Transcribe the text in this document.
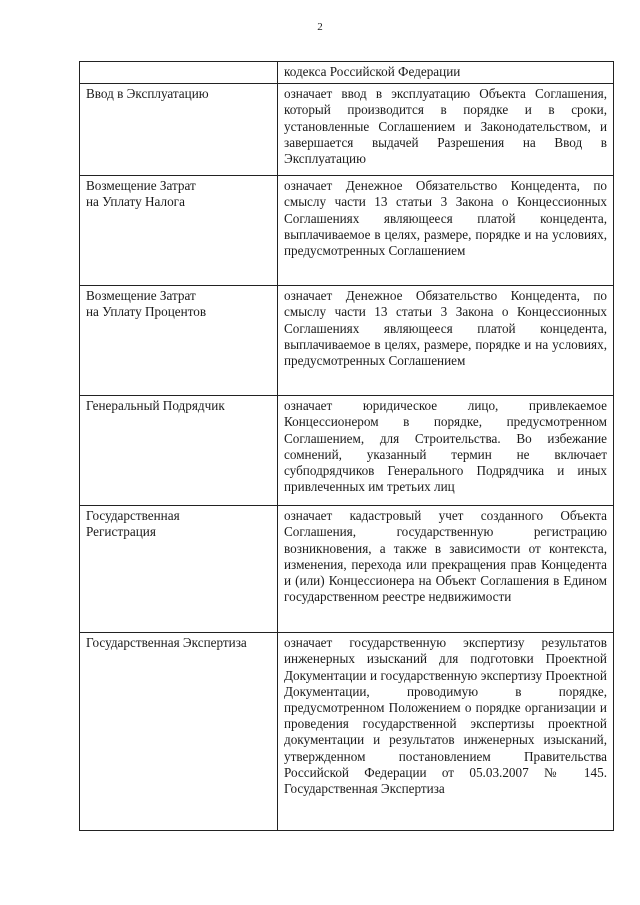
2
	кодекса Российской Федерации
Ввод в Эксплуатацию	означает ввод в эксплуатацию Объекта Соглашения, который производится в порядке и в сроки, установленные Соглашением и Законодательством, и завершается выдачей Разрешения на Ввод в Эксплуатацию
Возмещение Затрат
на Уплату Налога	означает Денежное Обязательство Концедента, по смыслу части 13 статьи 3 Закона о Концессионных Соглашениях являющееся платой концедента, выплачиваемое в целях, размере, порядке и на условиях, предусмотренных Соглашением
Возмещение Затрат
на Уплату Процентов	означает Денежное Обязательство Концедента, по смыслу части 13 статьи 3 Закона о Концессионных Соглашениях являющееся платой концедента, выплачиваемое в целях, размере, порядке и на условиях, предусмотренных Соглашением
Генеральный Подрядчик	означает юридическое лицо, привлекаемое Концессионером в порядке, предусмотренном Соглашением, для Строительства. Во избежание сомнений, указанный термин не включает субподрядчиков Генерального Подрядчика и иных привлеченных им третьих лиц
Государственная
Регистрация	означает кадастровый учет созданного Объекта Соглашения, государственную регистрацию возникновения, а также в зависимости от контекста, изменения, перехода или прекращения прав Концедента и (или) Концессионера на Объект Соглашения в Едином государственном реестре недвижимости
Государственная Экспертиза	означает государственную экспертизу результатов инженерных изысканий для подготовки Проектной Документации и государственную экспертизу Проектной Документации, проводимую в порядке, предусмотренном Положением о порядке организации и проведения государственной экспертизы проектной документации и результатов инженерных изысканий, утвержденном постановлением Правительства Российской Федерации от 05.03.2007 № 145. Государственная Экспертиза
